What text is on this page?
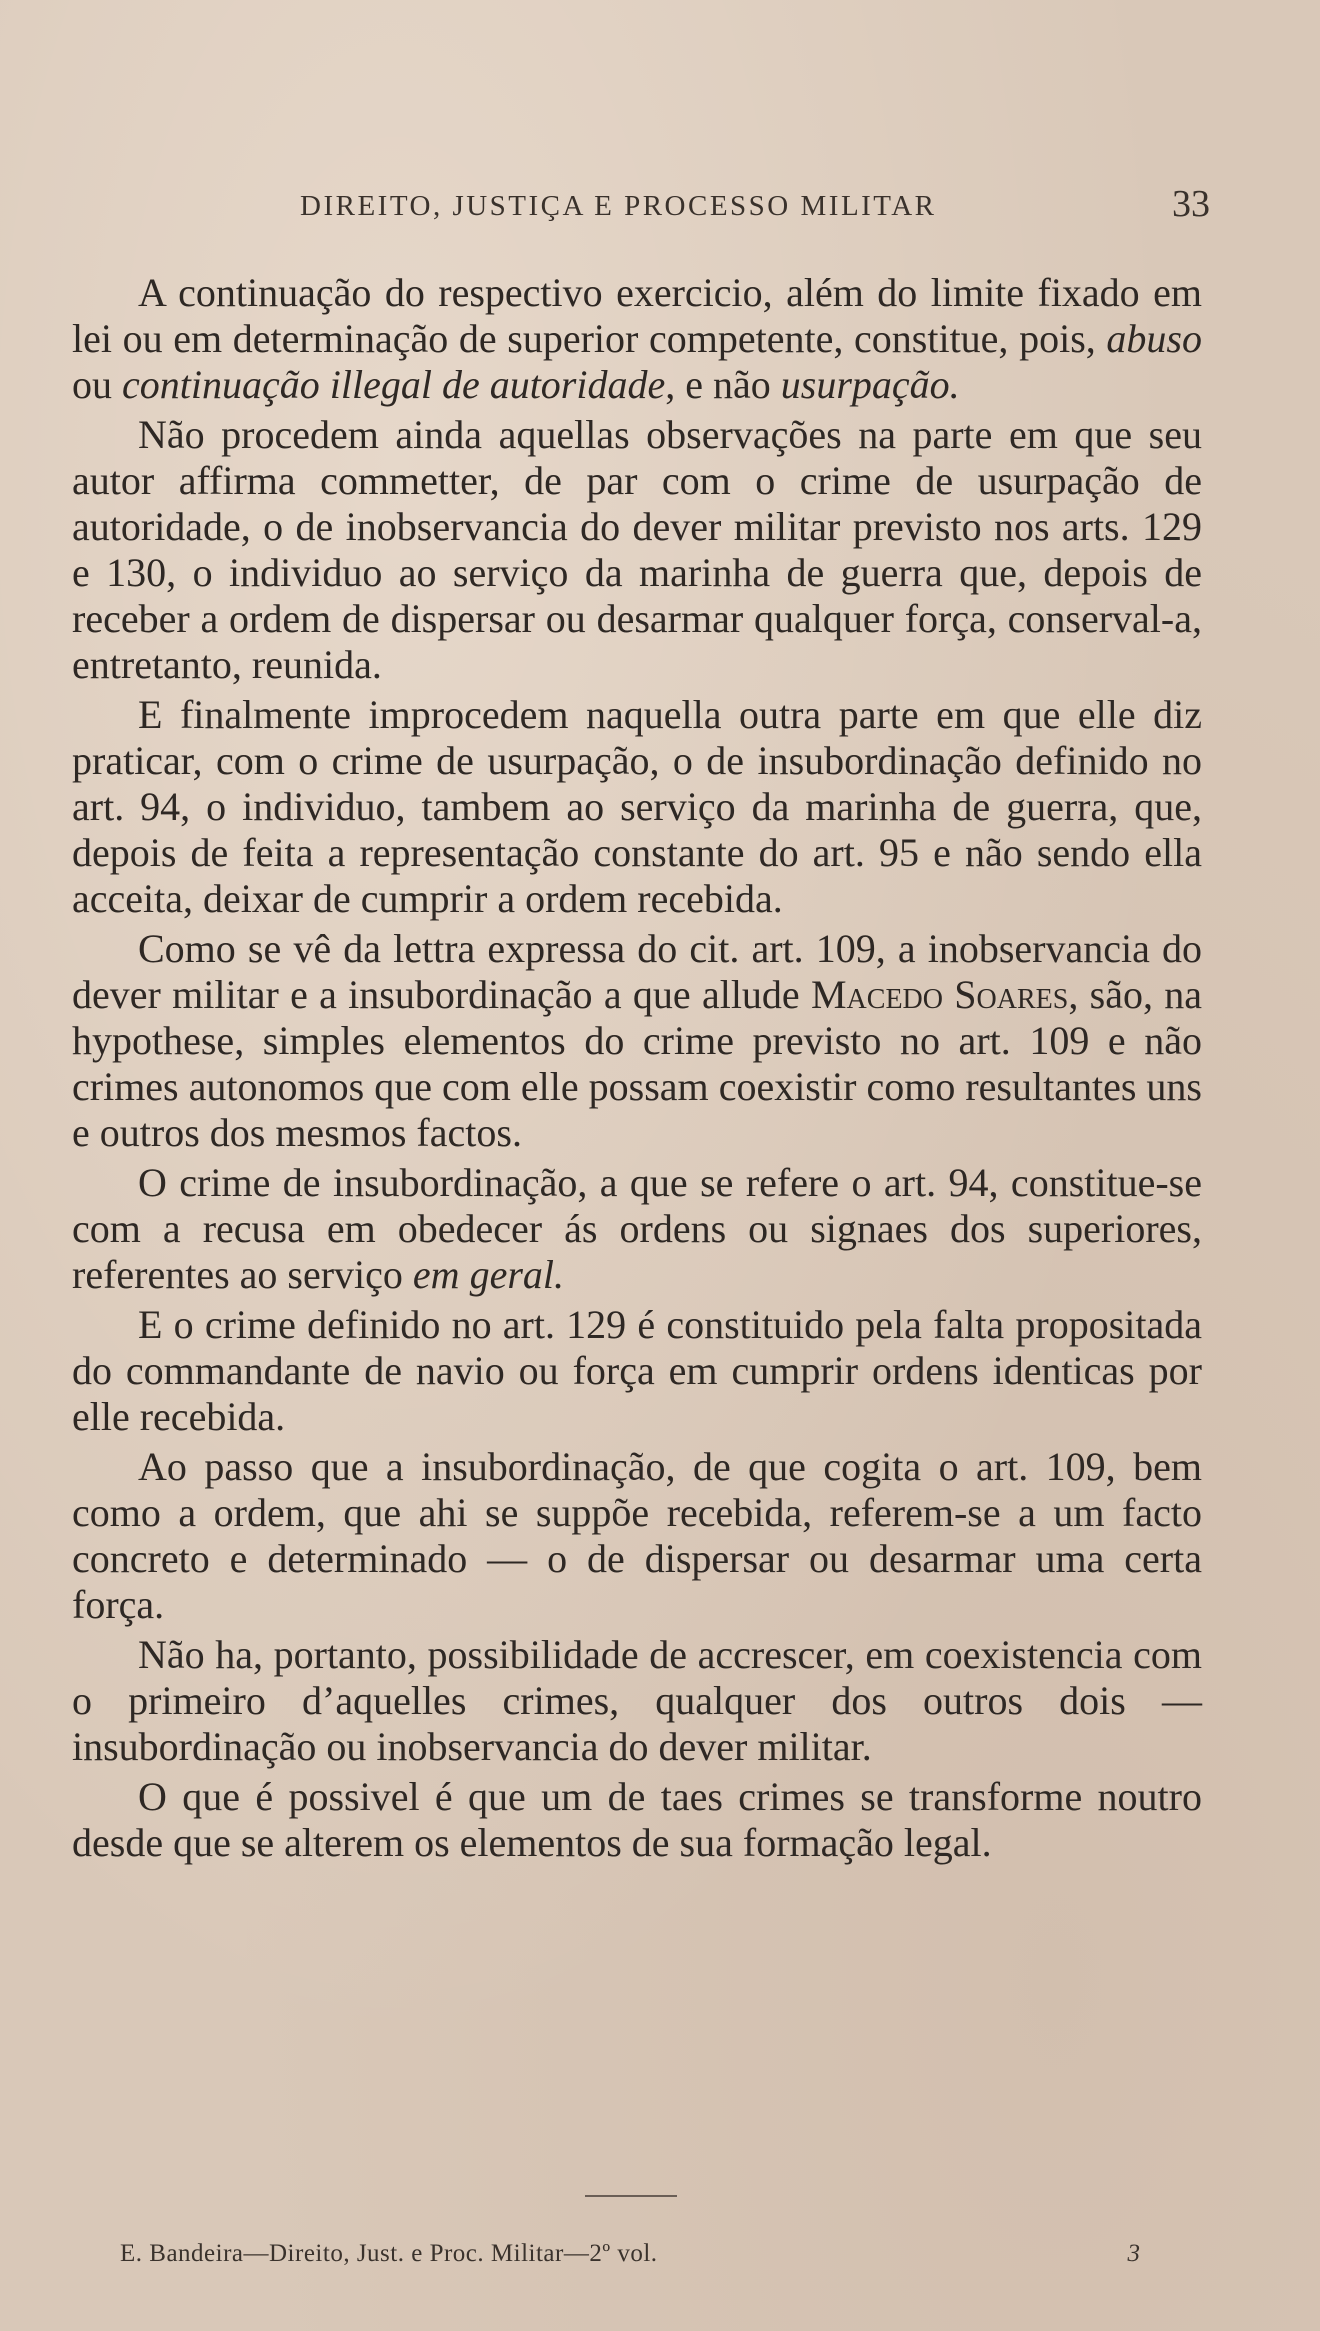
DIREITO, JUSTIÇA E PROCESSO MILITAR	33

A continuação do respectivo exercicio, além do limite fixado em lei ou em determinação de superior competente, constitue, pois, abuso ou continuação illegal de autoridade, e não usurpação.

Não procedem ainda aquellas observações na parte em que seu autor affirma commetter, de par com o crime de usurpação de autoridade, o de inobservancia do dever militar previsto nos arts. 129 e 130, o individuo ao serviço da marinha de guerra que, depois de receber a ordem de dispersar ou desarmar qualquer força, conserval-a, entretanto, reunida.

E finalmente improcedem naquella outra parte em que elle diz praticar, com o crime de usurpação, o de insubordinação definido no art. 94, o individuo, tambem ao serviço da marinha de guerra, que, depois de feita a representação constante do art. 95 e não sendo ella acceita, deixar de cumprir a ordem recebida.

Como se vê da lettra expressa do cit. art. 109, a inobservancia do dever militar e a insubordinação a que allude Macedo Soares, são, na hypothese, simples elementos do crime previsto no art. 109 e não crimes autonomos que com elle possam coexistir como resultantes uns e outros dos mesmos factos.

O crime de insubordinação, a que se refere o art. 94, constitue-se com a recusa em obedecer ás ordens ou signaes dos superiores, referentes ao serviço em geral.

E o crime definido no art. 129 é constituido pela falta propositada do commandante de navio ou força em cumprir ordens identicas por elle recebida.

Ao passo que a insubordinação, de que cogita o art. 109, bem como a ordem, que ahi se suppõe recebida, referem-se a um facto concreto e determinado — o de dispersar ou desarmar uma certa força.

Não ha, portanto, possibilidade de accrescer, em coexistencia com o primeiro d’aquelles crimes, qualquer dos outros dois — insubordinação ou inobservancia do dever militar.

O que é possivel é que um de taes crimes se transforme noutro desde que se alterem os elementos de sua formação legal.

E. Bandeira—Direito, Just. e Proc. Militar—2º vol.	3
